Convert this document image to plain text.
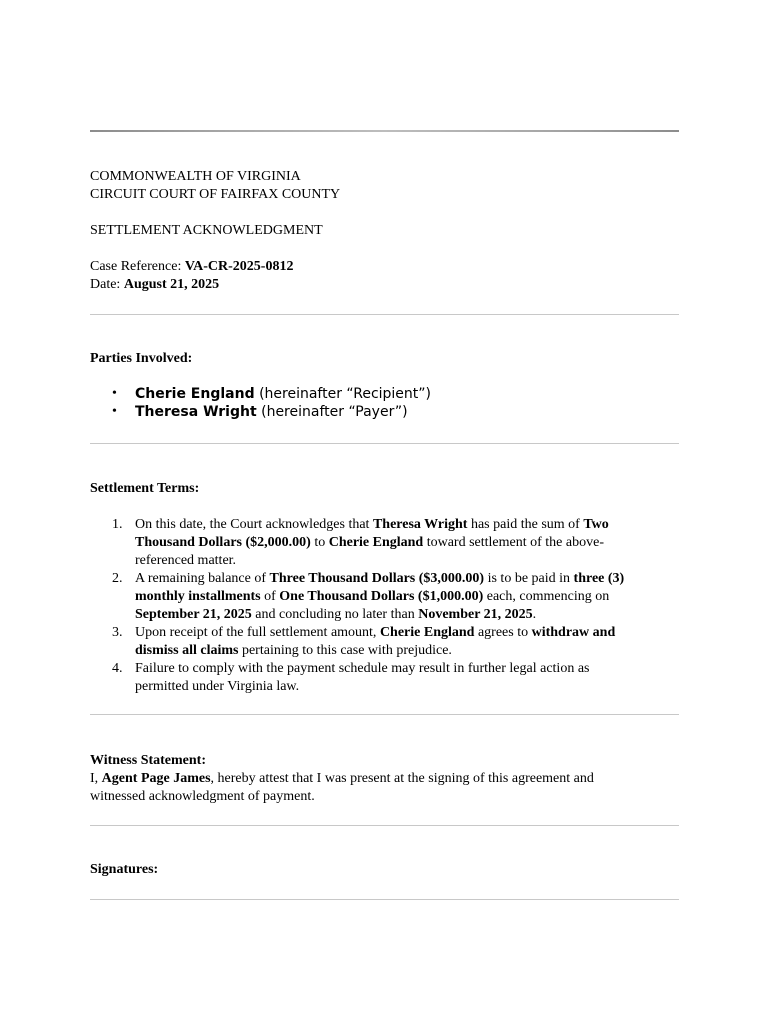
COMMONWEALTH OF VIRGINIA
CIRCUIT COURT OF FAIRFAX COUNTY
SETTLEMENT ACKNOWLEDGMENT
Case Reference: VA-CR-2025-0812
Date: August 21, 2025
Parties Involved:
• Cherie England (hereinafter “Recipient”)
• Theresa Wright (hereinafter “Payer”)
Settlement Terms:
1. On this date, the Court acknowledges that Theresa Wright has paid the sum of Two
Thousand Dollars ($2,000.00) to Cherie England toward settlement of the above-
referenced matter.
2. A remaining balance of Three Thousand Dollars ($3,000.00) is to be paid in three (3)
monthly installments of One Thousand Dollars ($1,000.00) each, commencing on
September 21, 2025 and concluding no later than November 21, 2025.
3. Upon receipt of the full settlement amount, Cherie England agrees to withdraw and
dismiss all claims pertaining to this case with prejudice.
4. Failure to comply with the payment schedule may result in further legal action as
permitted under Virginia law.
Witness Statement:
I, Agent Page James, hereby attest that I was present at the signing of this agreement and
witnessed acknowledgment of payment.
Signatures:
